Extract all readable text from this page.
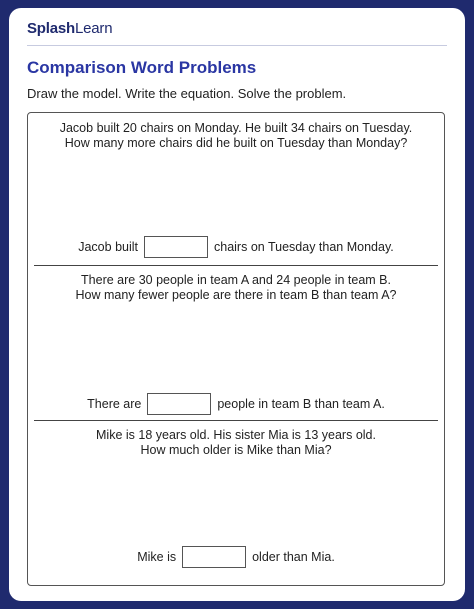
SplashLearn
Comparison Word Problems
Draw the model. Write the equation. Solve the problem.
Jacob built 20 chairs on Monday. He built 34 chairs on Tuesday.
How many more chairs did he built on Tuesday than Monday?
Jacob built	chairs on Tuesday than Monday.
There are 30 people in team A and 24 people in team B.
How many fewer people are there in team B than team A?
There are	people in team B than team A.
Mike is 18 years old. His sister Mia is 13 years old.
How much older is Mike than Mia?
Mike is	older than Mia.
